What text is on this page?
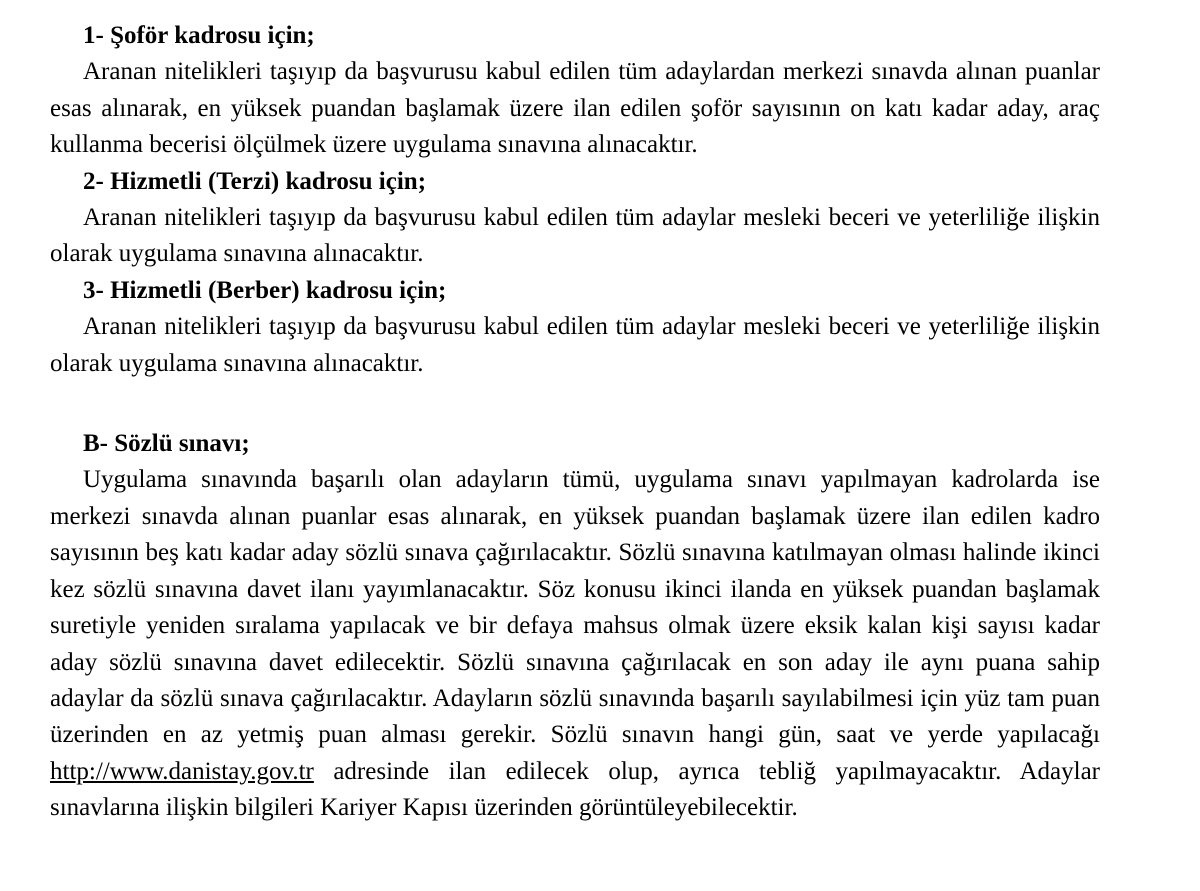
1- Şoför kadrosu için;

Aranan nitelikleri taşıyıp da başvurusu kabul edilen tüm adaylardan merkezi sınavda alınan puanlar esas alınarak, en yüksek puandan başlamak üzere ilan edilen şoför sayısının on katı kadar aday, araç kullanma becerisi ölçülmek üzere uygulama sınavına alınacaktır.

2- Hizmetli (Terzi) kadrosu için;

Aranan nitelikleri taşıyıp da başvurusu kabul edilen tüm adaylar mesleki beceri ve yeterliliğe ilişkin olarak uygulama sınavına alınacaktır.

3- Hizmetli (Berber) kadrosu için;

Aranan nitelikleri taşıyıp da başvurusu kabul edilen tüm adaylar mesleki beceri ve yeterliliğe ilişkin olarak uygulama sınavına alınacaktır.

B- Sözlü sınavı;

Uygulama sınavında başarılı olan adayların tümü, uygulama sınavı yapılmayan kadrolarda ise merkezi sınavda alınan puanlar esas alınarak, en yüksek puandan başlamak üzere ilan edilen kadro sayısının beş katı kadar aday sözlü sınava çağırılacaktır. Sözlü sınavına katılmayan olması halinde ikinci kez sözlü sınavına davet ilanı yayımlanacaktır. Söz konusu ikinci ilanda en yüksek puandan başlamak suretiyle yeniden sıralama yapılacak ve bir defaya mahsus olmak üzere eksik kalan kişi sayısı kadar aday sözlü sınavına davet edilecektir. Sözlü sınavına çağırılacak en son aday ile aynı puana sahip adaylar da sözlü sınava çağırılacaktır. Adayların sözlü sınavında başarılı sayılabilmesi için yüz tam puan üzerinden en az yetmiş puan alması gerekir. Sözlü sınavın hangi gün, saat ve yerde yapılacağı http://www.danistay.gov.tr adresinde ilan edilecek olup, ayrıca tebliğ yapılmayacaktır. Adaylar sınavlarına ilişkin bilgileri Kariyer Kapısı üzerinden görüntüleyebilecektir.
